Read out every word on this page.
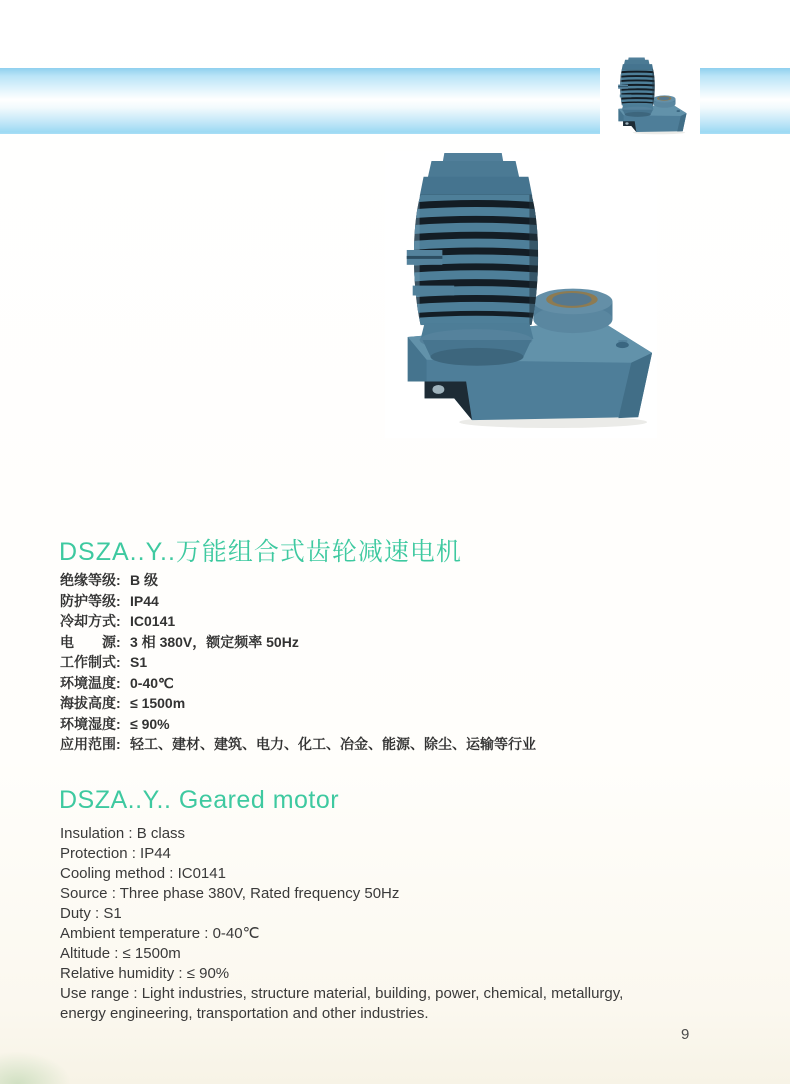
DSZA..Y..万能组合式齿轮减速电机
绝缘等级: B 级
防护等级: IP44
冷却方式: IC0141
电　　源: 3 相 380V，额定频率 50Hz
工作制式: S1
环境温度: 0-40℃
海拔高度: ≤ 1500m
环境湿度: ≤ 90%
应用范围: 轻工、建材、建筑、电力、化工、冶金、能源、除尘、运输等行业
DSZA..Y.. Geared motor
Insulation : B class
Protection : IP44
Cooling method : IC0141
Source : Three phase 380V, Rated frequency 50Hz
Duty : S1
Ambient temperature : 0-40℃
Altitude : ≤ 1500m
Relative humidity : ≤ 90%
Use range : Light industries, structure material, building, power, chemical, metallurgy,
energy engineering, transportation and other industries.
9
